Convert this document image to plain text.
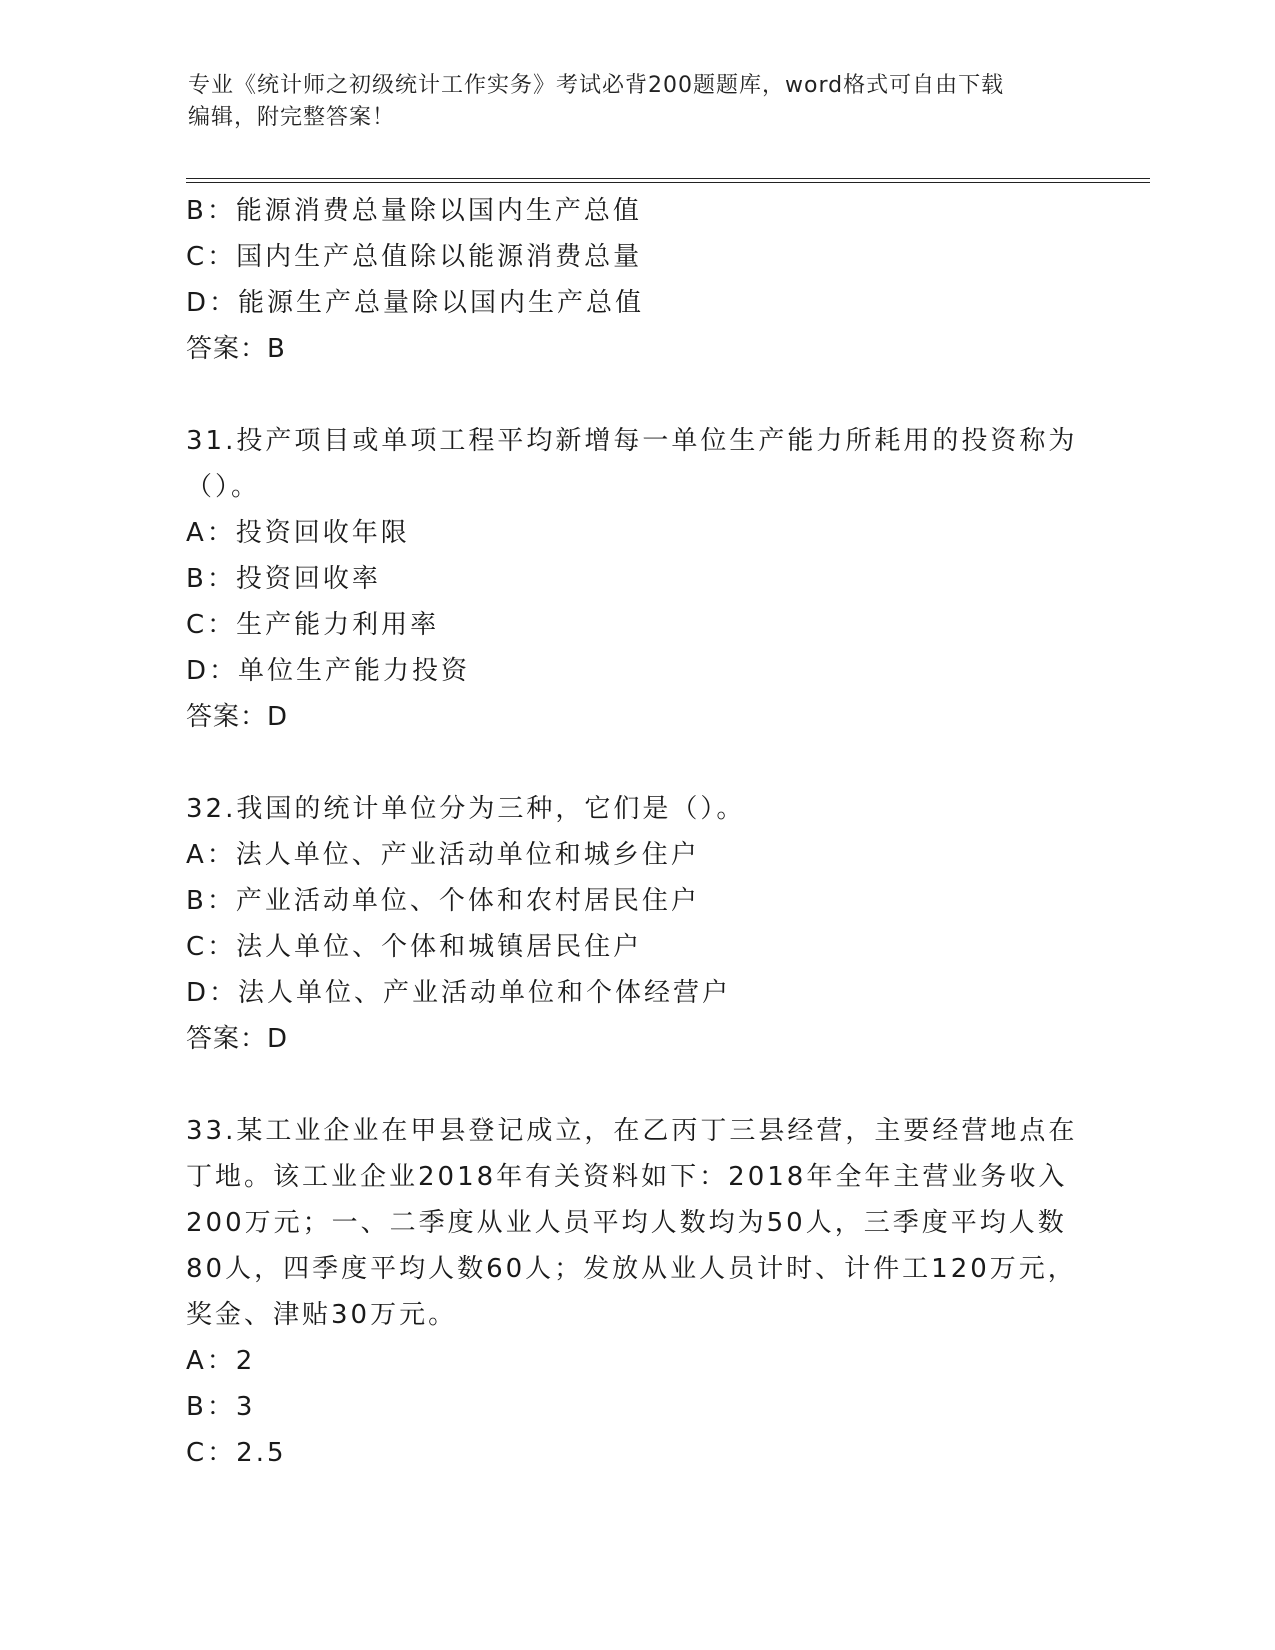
专业《统计师之初级统计工作实务》考试必背200题题库，word格式可自由下载
编辑，附完整答案！
B：能源消费总量除以国内生产总值
C：国内生产总值除以能源消费总量
D：能源生产总量除以国内生产总值
答案：B
31.投产项目或单项工程平均新增每一单位生产能力所耗用的投资称为
（）。
A：投资回收年限
B：投资回收率
C：生产能力利用率
D：单位生产能力投资
答案：D
32.我国的统计单位分为三种，它们是（）。
A：法人单位、产业活动单位和城乡住户
B：产业活动单位、个体和农村居民住户
C：法人单位、个体和城镇居民住户
D：法人单位、产业活动单位和个体经营户
答案：D
33.某工业企业在甲县登记成立，在乙丙丁三县经营，主要经营地点在
丁地。该工业企业2018年有关资料如下：2018年全年主营业务收入
200万元；一、二季度从业人员平均人数均为50人，三季度平均人数
80人，四季度平均人数60人；发放从业人员计时、计件工120万元，
奖金、津贴30万元。
A：2
B：3
C：2.5
